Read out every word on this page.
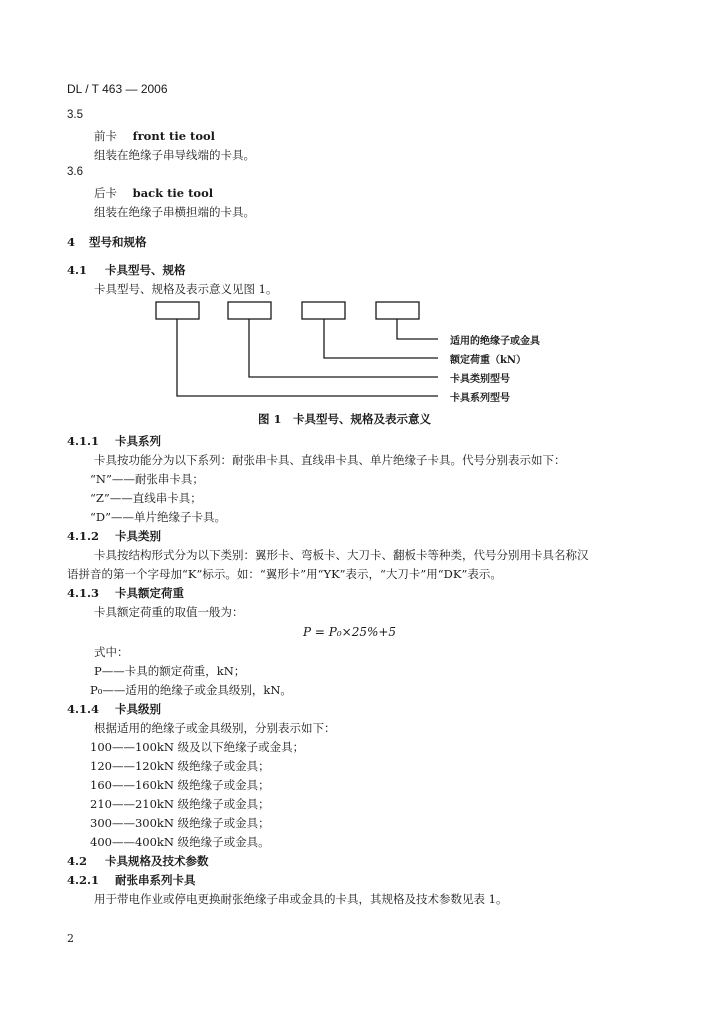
DL / T 463 — 2006
3.5
前卡 front tie tool
组装在绝缘子串导线端的卡具。
3.6
后卡 back tie tool
组装在绝缘子串横担端的卡具。
4 型号和规格
4.1 卡具型号、规格
卡具型号、规格及表示意义见图 1。
适用的绝缘子或金具
额定荷重（kN）
卡具类别型号
卡具系列型号
图 1　卡具型号、规格及表示意义
4.1.1 卡具系列
卡具按功能分为以下系列：耐张串卡具、直线串卡具、单片绝缘子卡具。代号分别表示如下：
“N”——耐张串卡具；
“Z”——直线串卡具；
“D”——单片绝缘子卡具。
4.1.2 卡具类别
卡具按结构形式分为以下类别：翼形卡、弯板卡、大刀卡、翻板卡等种类，代号分别用卡具名称汉
语拼音的第一个字母加“K”标示。如：“翼形卡”用“YK”表示，“大刀卡”用“DK”表示。
4.1.3 卡具额定荷重
卡具额定荷重的取值一般为：
P = P₀×25%+5
式中：
P——卡具的额定荷重，kN；
P₀——适用的绝缘子或金具级别，kN。
4.1.4 卡具级别
根据适用的绝缘子或金具级别，分别表示如下：
100——100kN 级及以下绝缘子或金具；
120——120kN 级绝缘子或金具；
160——160kN 级绝缘子或金具；
210——210kN 级绝缘子或金具；
300——300kN 级绝缘子或金具；
400——400kN 级绝缘子或金具。
4.2 卡具规格及技术参数
4.2.1 耐张串系列卡具
用于带电作业或停电更换耐张绝缘子串或金具的卡具，其规格及技术参数见表 1。
2
